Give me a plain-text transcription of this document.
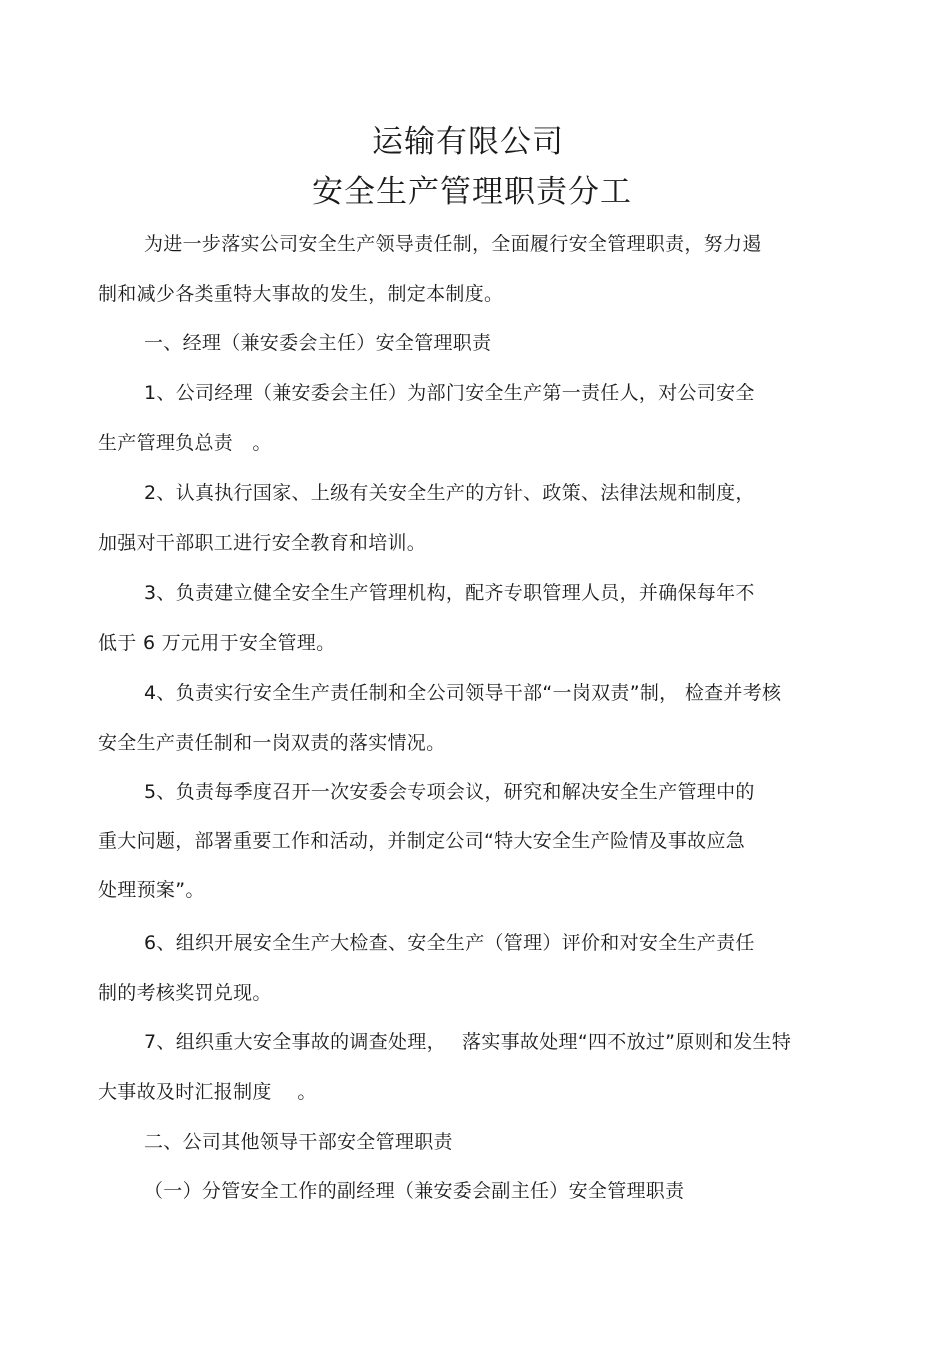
运输有限公司
安全生产管理职责分工
为进一步落实公司安全生产领导责任制，全面履行安全管理职责，努力遏
制和减少各类重特大事故的发生，制定本制度。
一、经理（兼安委会主任）安全管理职责
1、公司经理（兼安委会主任）为部门安全生产第一责任人，对公司安全
生产管理负总责　。
2、认真执行国家、上级有关安全生产的方针、政策、法律法规和制度，
加强对干部职工进行安全教育和培训。
3、负责建立健全安全生产管理机构，配齐专职管理人员，并确保每年不
低于 6 万元用于安全管理。
4、负责实行安全生产责任制和全公司领导干部“一岗双责”制， 检查并考核
安全生产责任制和一岗双责的落实情况。
5、负责每季度召开一次安委会专项会议，研究和解决安全生产管理中的
重大问题，部署重要工作和活动，并制定公司“特大安全生产险情及事故应急
处理预案”。
6、组织开展安全生产大检查、安全生产（管理）评价和对安全生产责任
制的考核奖罚兑现。
7、组织重大安全事故的调查处理，　 落实事故处理“四不放过”原则和发生特
大事故及时汇报制度　 。
二、公司其他领导干部安全管理职责
（一）分管安全工作的副经理（兼安委会副主任）安全管理职责
